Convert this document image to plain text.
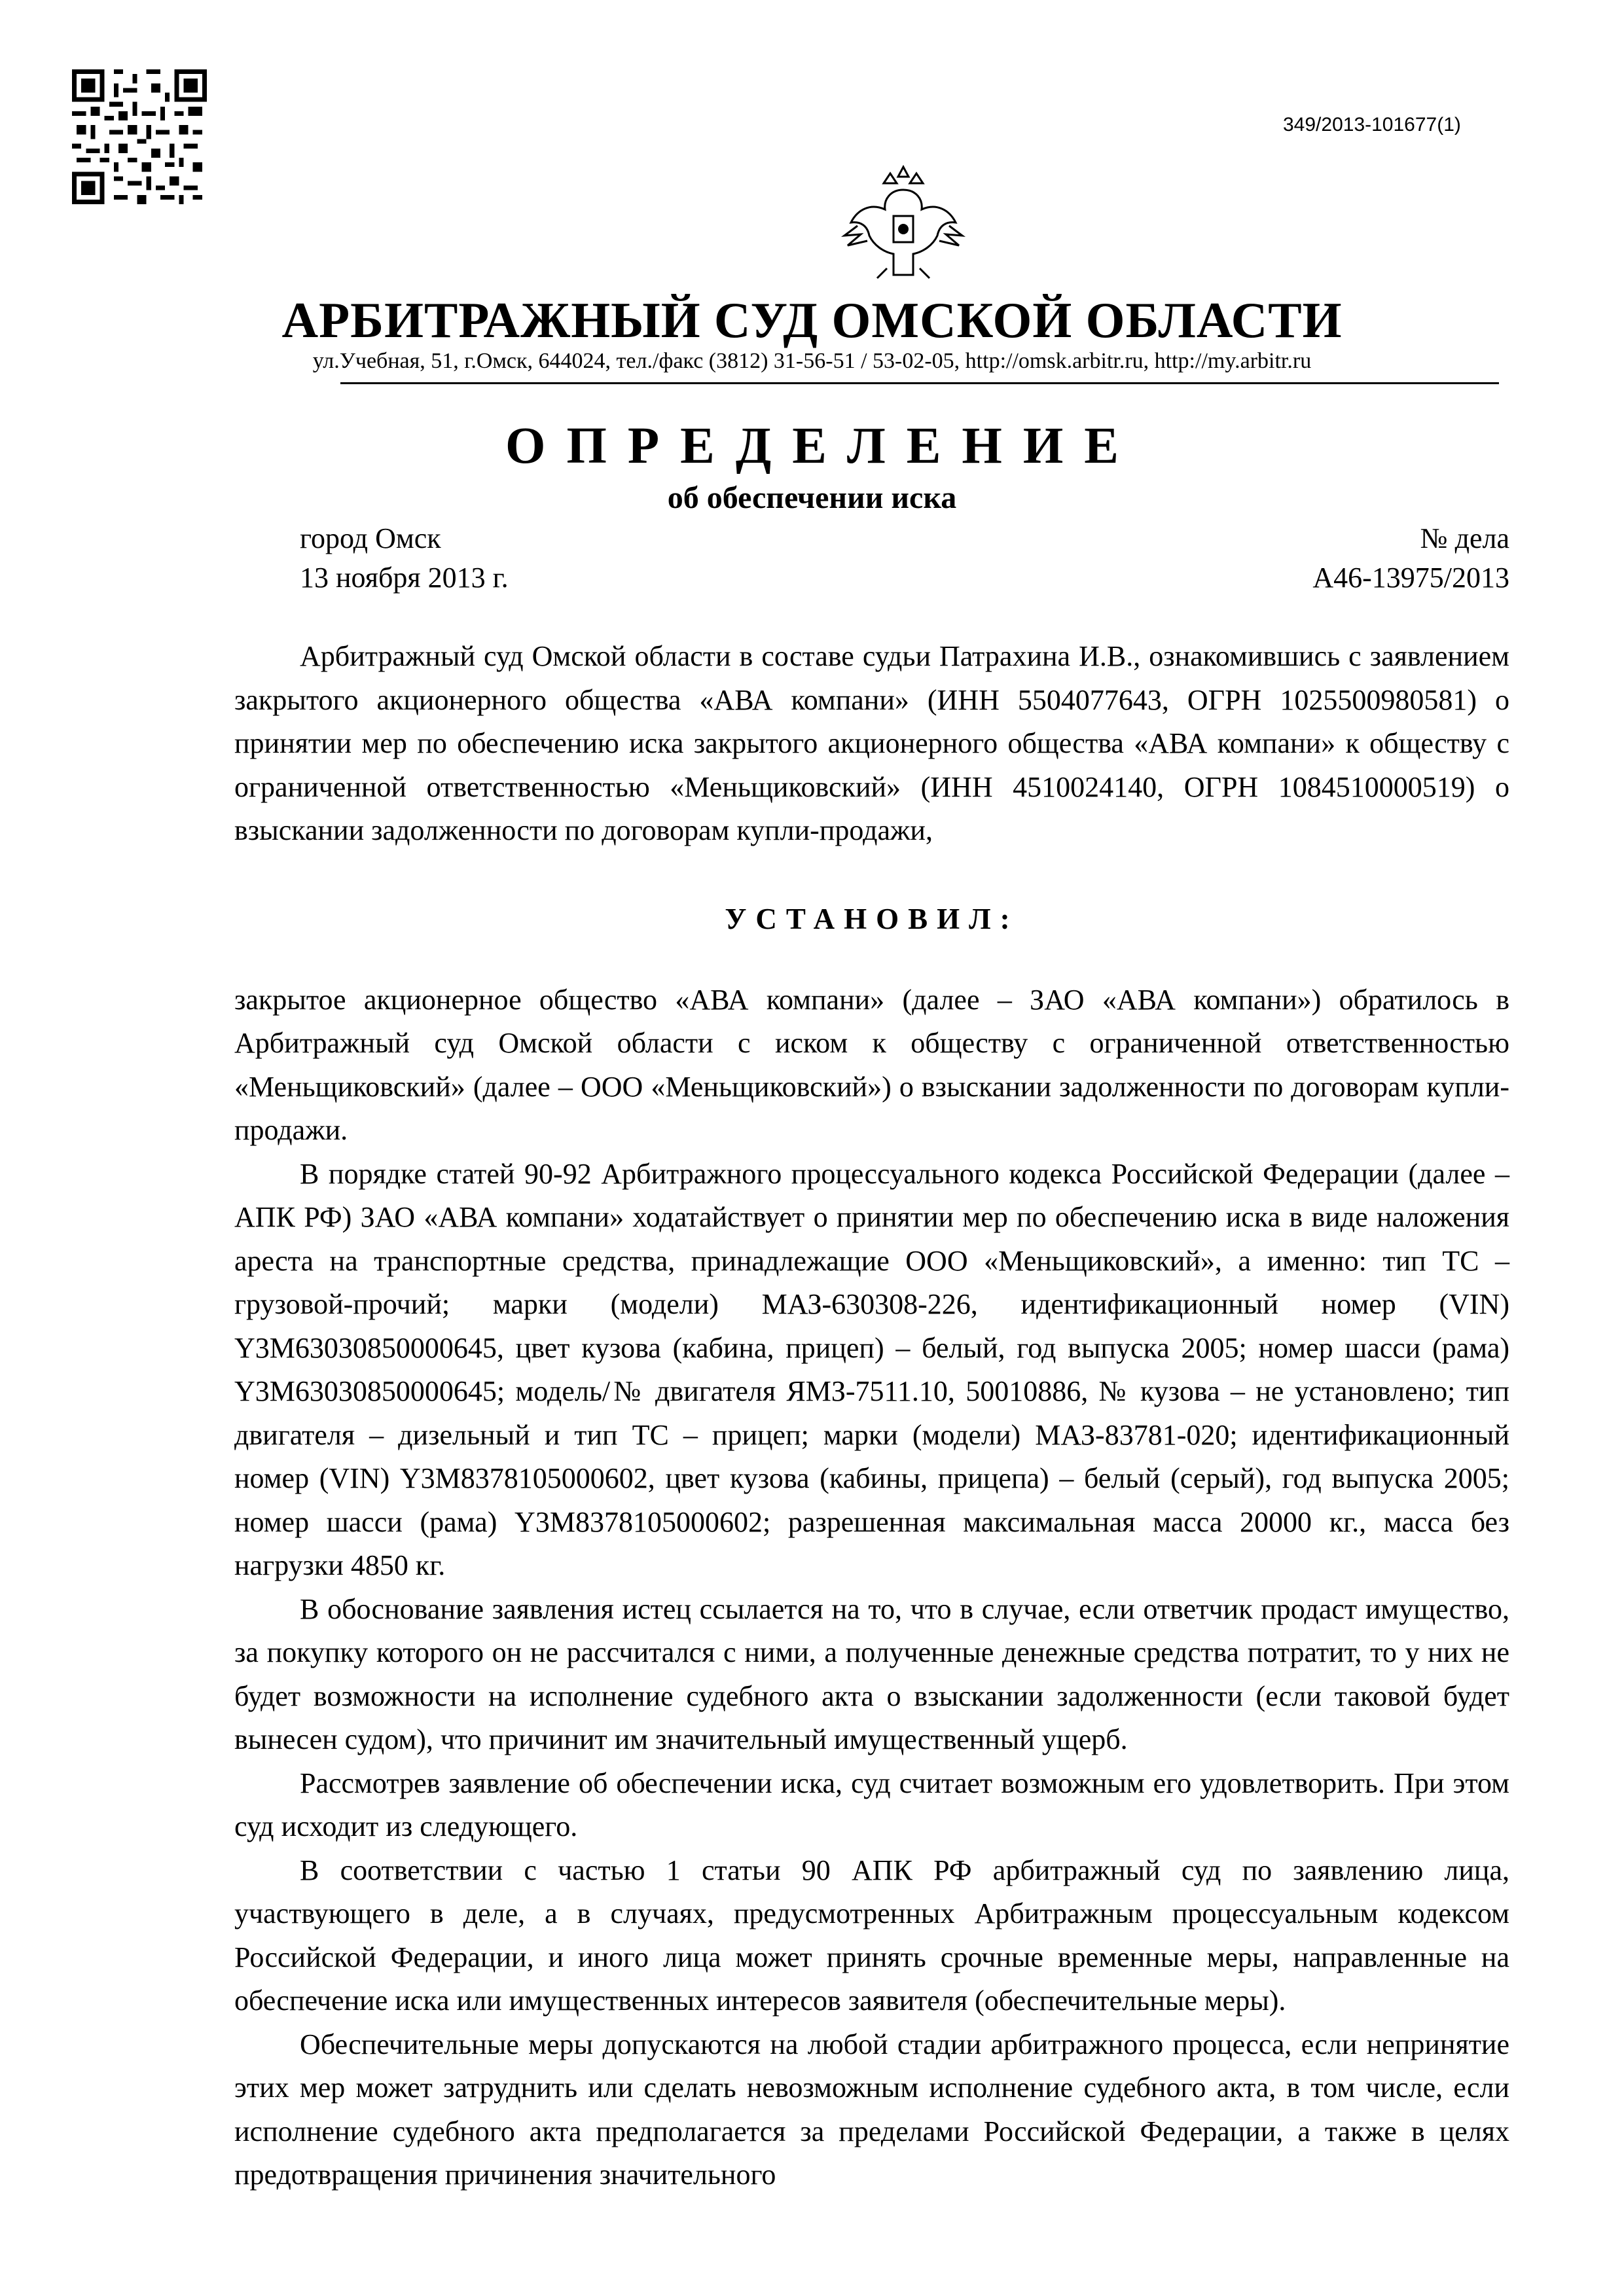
349/2013-101677(1)
АРБИТРАЖНЫЙ СУД ОМСКОЙ ОБЛАСТИ
ул.Учебная, 51, г.Омск, 644024, тел./факс (3812) 31-56-51 / 53-02-05, http://omsk.arbitr.ru, http://my.arbitr.ru
ОПРЕДЕЛЕНИЕ
об обеспечении иска
город Омск
13 ноября 2013 г.
№ дела
А46-13975/2013

Арбитражный суд Омской области в составе судьи Патрахина И.В., ознакомившись с заявлением закрытого акционерного общества «АВА компани» (ИНН 5504077643, ОГРН 1025500980581) о принятии мер по обеспечению иска закрытого акционерного общества «АВА компани» к обществу с ограниченной ответственностью «Меньщиковский» (ИНН 4510024140, ОГРН 1084510000519) о взыскании задолженности по договорам купли-продажи,

УСТАНОВИЛ:

закрытое акционерное общество «АВА компани» (далее – ЗАО «АВА компани») обратилось в Арбитражный суд Омской области с иском к обществу с ограниченной ответственностью «Меньщиковский» (далее – ООО «Меньщиковский») о взыскании задолженности по договорам купли-продажи.

В порядке статей 90-92 Арбитражного процессуального кодекса Российской Федерации (далее – АПК РФ) ЗАО «АВА компани» ходатайствует о принятии мер по обеспечению иска в виде наложения ареста на транспортные средства, принадлежащие ООО «Меньщиковский», а именно: тип ТС – грузовой-прочий; марки (модели) МАЗ-630308-226, идентификационный номер (VIN) Y3M63030850000645, цвет кузова (кабина, прицеп) – белый, год выпуска 2005; номер шасси (рама) Y3M63030850000645; модель/№ двигателя ЯМЗ-7511.10, 50010886, № кузова – не установлено; тип двигателя – дизельный и тип ТС – прицеп; марки (модели) МАЗ-83781-020; идентификационный номер (VIN) Y3M8378105000602, цвет кузова (кабины, прицепа) – белый (серый), год выпуска 2005; номер шасси (рама) Y3M8378105000602; разрешенная максимальная масса 20000 кг., масса без нагрузки 4850 кг.

В обоснование заявления истец ссылается на то, что в случае, если ответчик продаст имущество, за покупку которого он не рассчитался с ними, а полученные денежные средства потратит, то у них не будет возможности на исполнение судебного акта о взыскании задолженности (если таковой будет вынесен судом), что причинит им значительный имущественный ущерб.

Рассмотрев заявление об обеспечении иска, суд считает возможным его удовлетворить. При этом суд исходит из следующего.

В соответствии с частью 1 статьи 90 АПК РФ арбитражный суд по заявлению лица, участвующего в деле, а в случаях, предусмотренных Арбитражным процессуальным кодексом Российской Федерации, и иного лица может принять срочные временные меры, направленные на обеспечение иска или имущественных интересов заявителя (обеспечительные меры).

Обеспечительные меры допускаются на любой стадии арбитражного процесса, если непринятие этих мер может затруднить или сделать невозможным исполнение судебного акта, в том числе, если исполнение судебного акта предполагается за пределами Российской Федерации, а также в целях предотвращения причинения значительного
